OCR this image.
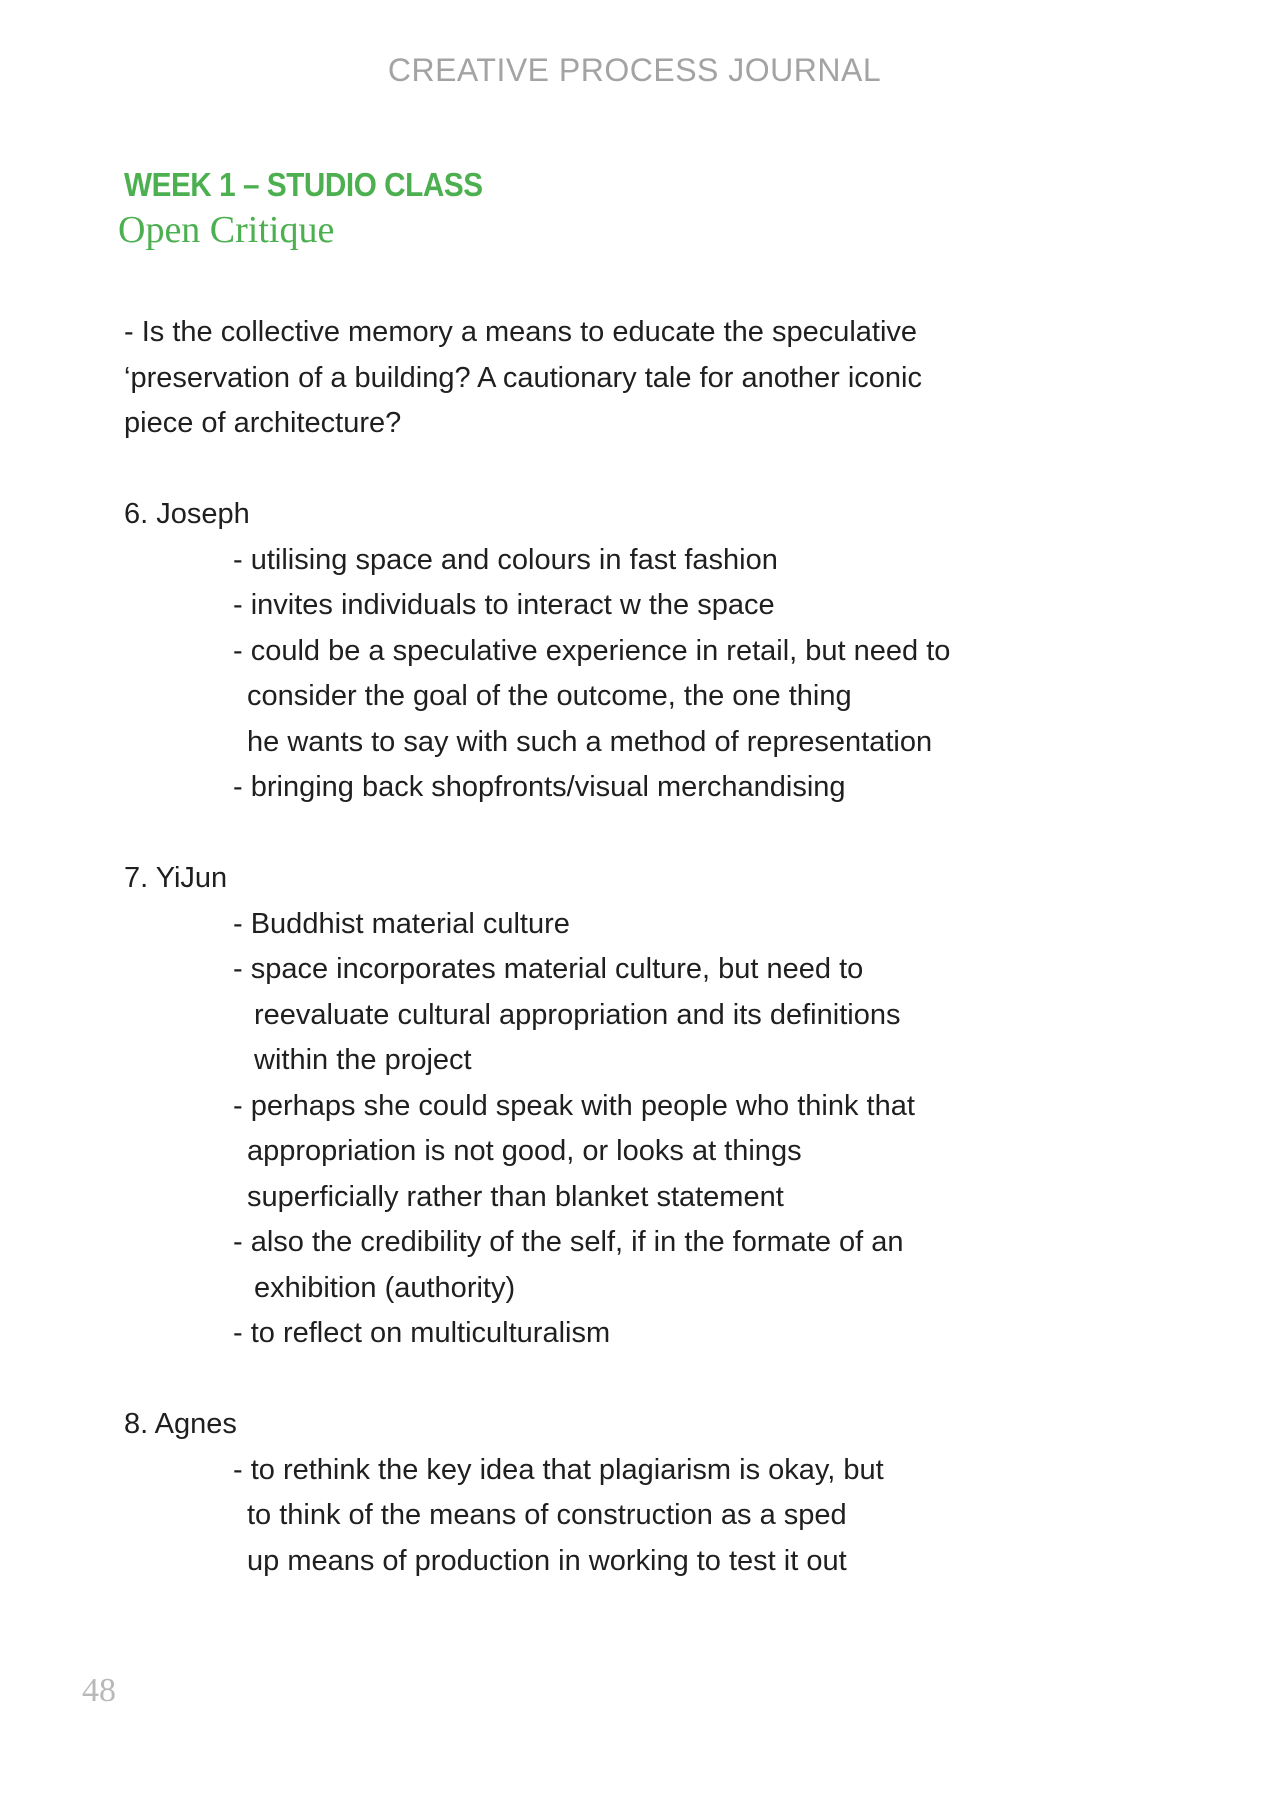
CREATIVE PROCESS JOURNAL
WEEK 1 – STUDIO CLASS
Open Critique
- Is the collective memory a means to educate the speculative
‘preservation of a building? A cautionary tale for another iconic
piece of architecture?
6. Joseph
- utilising space and colours in fast fashion
- invites individuals to interact w the space
- could be a speculative experience in retail, but need to
consider the goal of the outcome, the one thing
he wants to say with such a method of representation
- bringing back shopfronts/visual merchandising
7. YiJun
- Buddhist material culture
- space incorporates material culture, but need to
reevaluate cultural appropriation and its definitions
within the project
- perhaps she could speak with people who think that
appropriation is not good, or looks at things
superficially rather than blanket statement
- also the credibility of the self, if in the formate of an
exhibition (authority)
- to reflect on multiculturalism
8. Agnes
- to rethink the key idea that plagiarism is okay, but
to think of the means of construction as a sped
up means of production in working to test it out
48
